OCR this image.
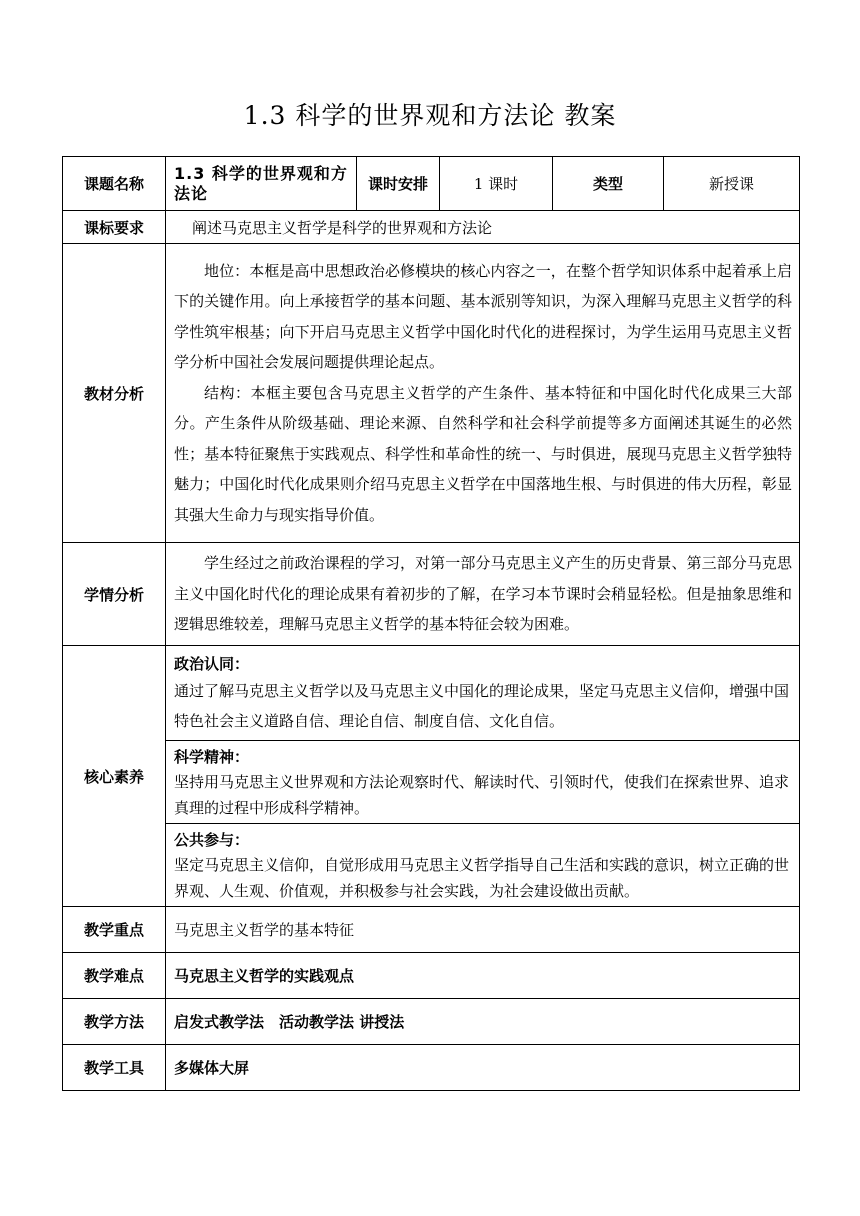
1.3 科学的世界观和方法论 教案
课题名称	1.3 科学的世界观和方法论	课时安排	1 课时	类型	新授课
课标要求	阐述马克思主义哲学是科学的世界观和方法论				
教材分析	地位：本框是高中思想政治必修模块的核心内容之一，在整个哲学知识体系中起着承上启下的关键作用。向上承接哲学的基本问题、基本派别等知识，为深入理解马克思主义哲学的科学性筑牢根基；向下开启马克思主义哲学中国化时代化的进程探讨，为学生运用马克思主义哲学分析中国社会发展问题提供理论起点。

结构：本框主要包含马克思主义哲学的产生条件、基本特征和中国化时代化成果三大部分。产生条件从阶级基础、理论来源、自然科学和社会科学前提等多方面阐述其诞生的必然性；基本特征聚焦于实践观点、科学性和革命性的统一、与时俱进，展现马克思主义哲学独特魅力；中国化时代化成果则介绍马克思主义哲学在中国落地生根、与时俱进的伟大历程，彰显其强大生命力与现实指导价值。				

学情分析	学生经过之前政治课程的学习，对第一部分马克思主义产生的历史背景、第三部分马克思主义中国化时代化的理论成果有着初步的了解，在学习本节课时会稍显轻松。但是抽象思维和逻辑思维较差，理解马克思主义哲学的基本特征会较为困难。				

核心素养	政治认同：

通过了解马克思主义哲学以及马克思主义中国化的理论成果，坚定马克思主义信仰，增强中国特色社会主义道路自信、理论自信、制度自信、文化自信。				

	科学精神：

坚持用马克思主义世界观和方法论观察时代、解读时代、引领时代，使我们在探索世界、追求真理的过程中形成科学精神。				

	公共参与：

坚定马克思主义信仰，自觉形成用马克思主义哲学指导自己生活和实践的意识，树立正确的世界观、人生观、价值观，并积极参与社会实践，为社会建设做出贡献。				

教学重点	马克思主义哲学的基本特征				
教学难点	马克思主义哲学的实践观点				
教学方法	启发式教学法　活动教学法 讲授法				
教学工具	多媒体大屏				
